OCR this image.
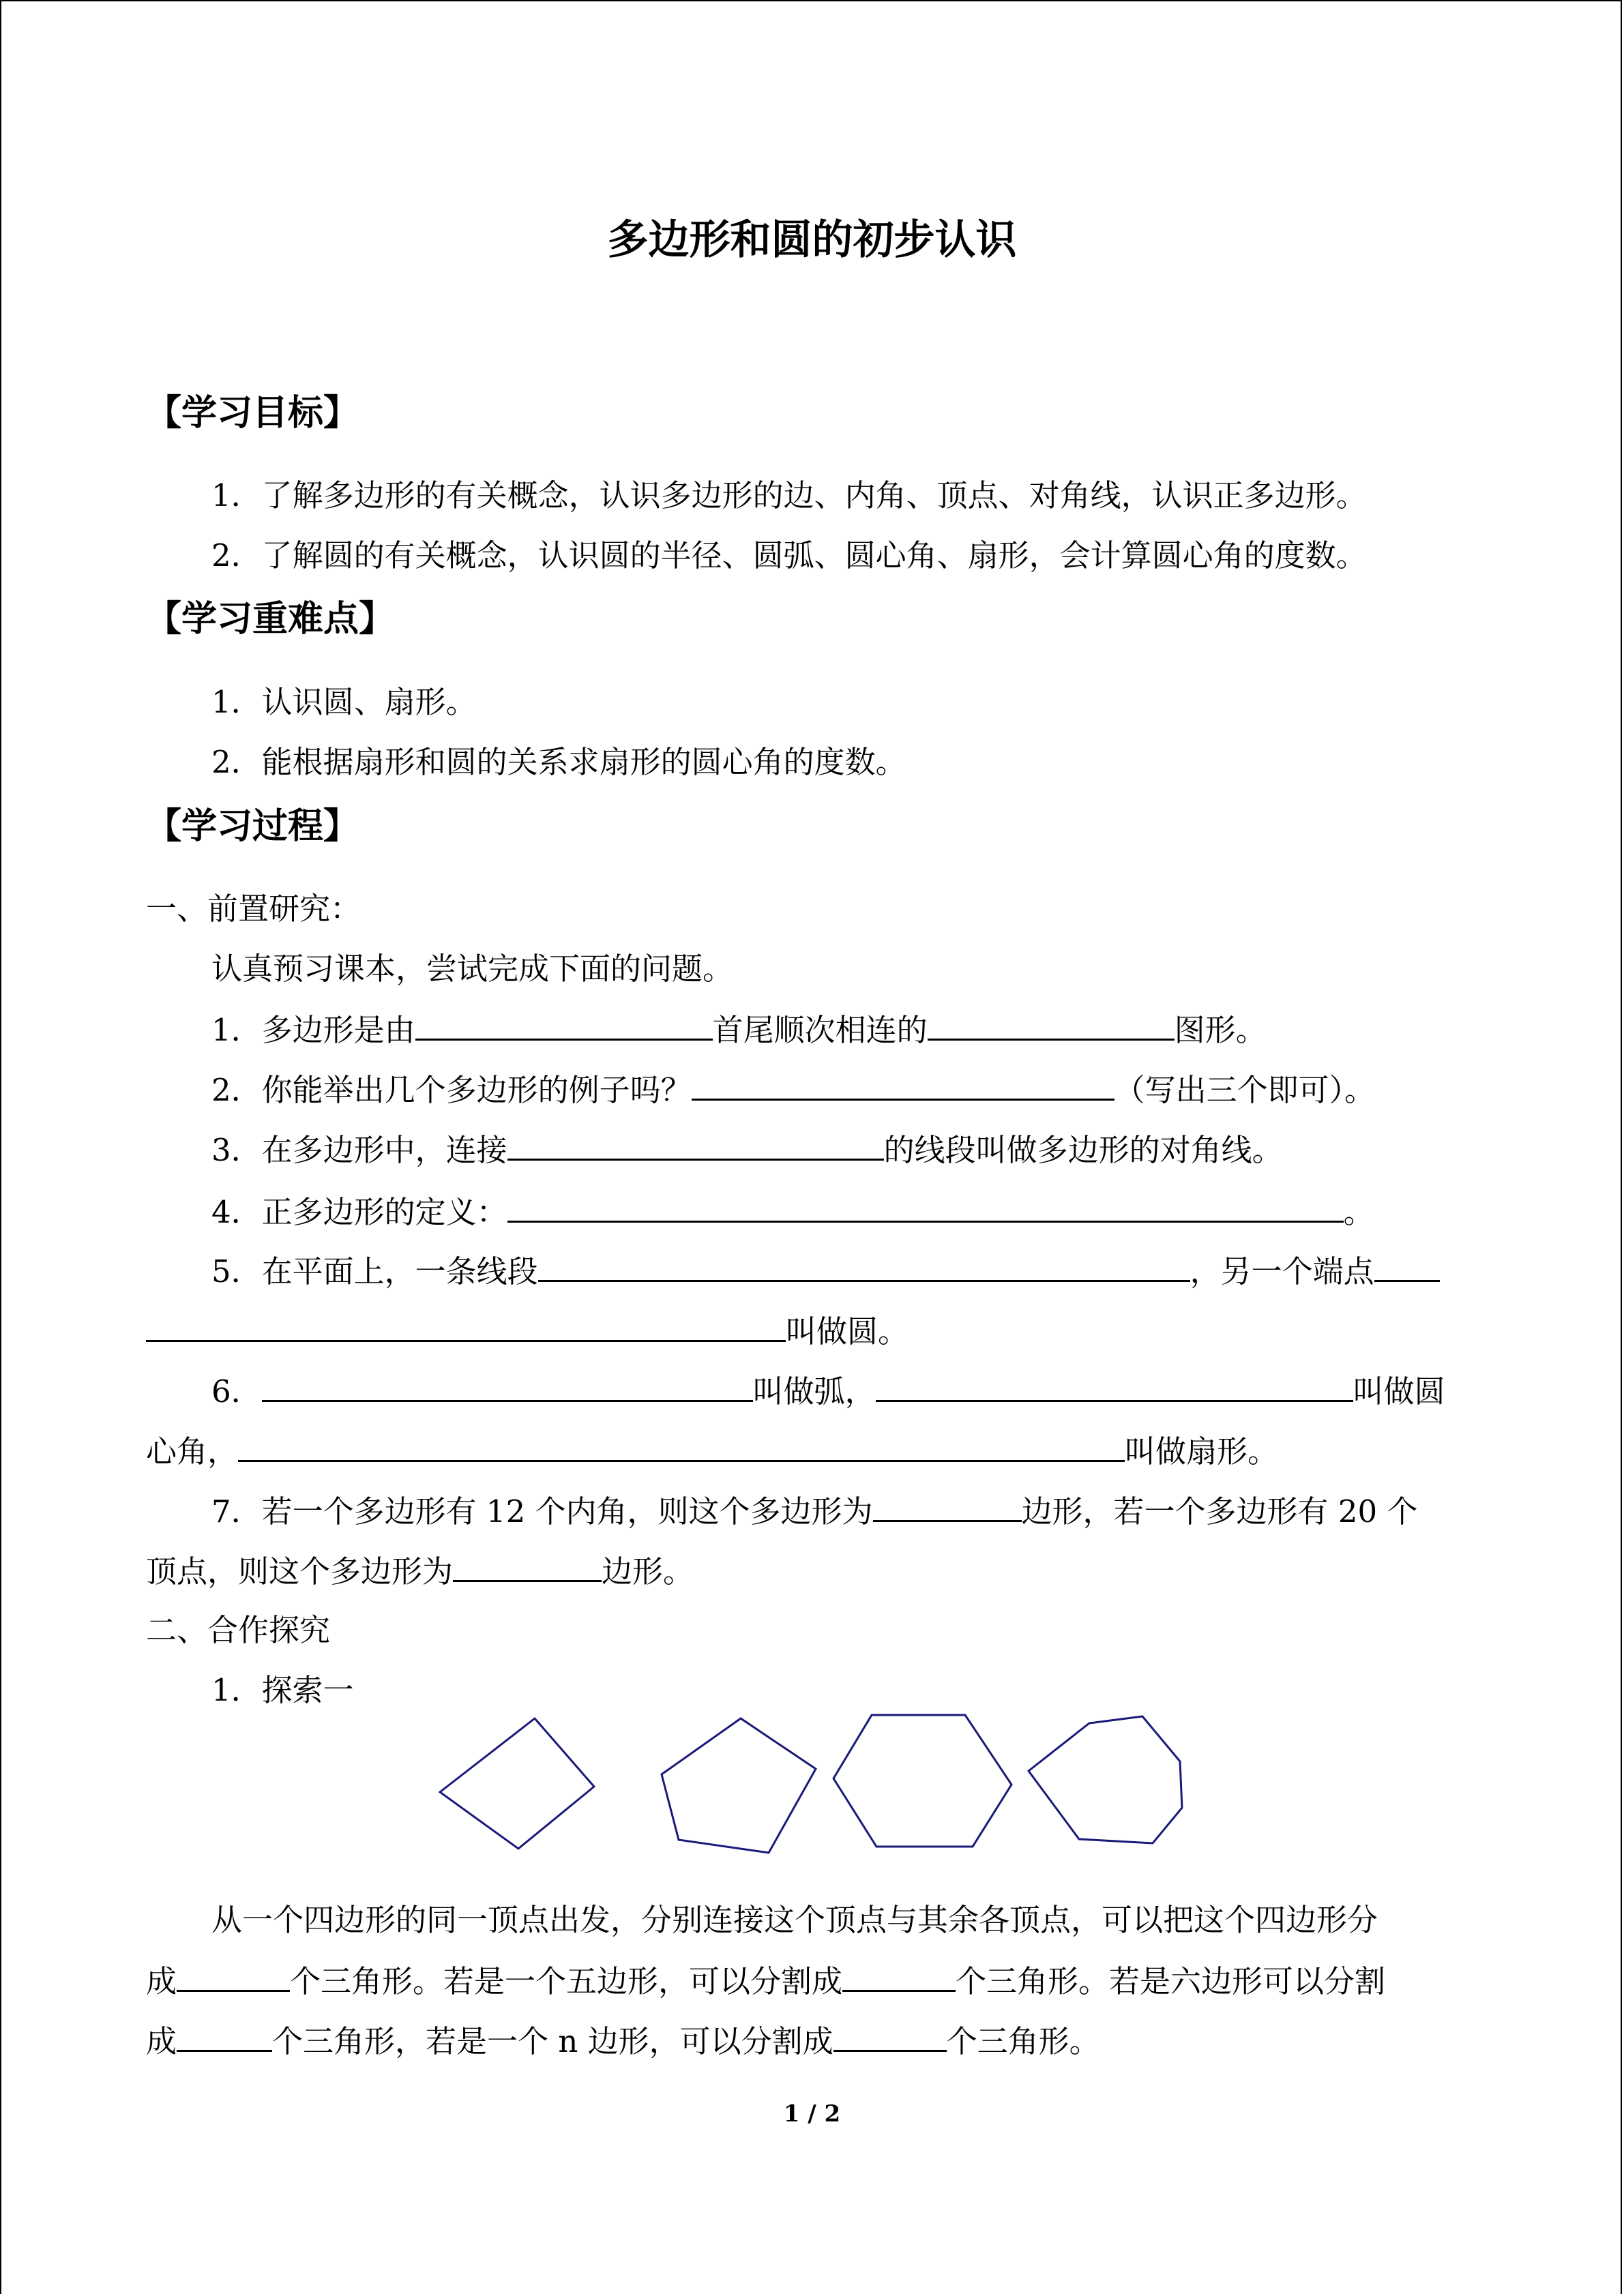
多边形和圆的初步认识
【学习目标】
1．了解多边形的有关概念，认识多边形的边、内角、顶点、对角线，认识正多边形。
2．了解圆的有关概念，认识圆的半径、圆弧、圆心角、扇形，会计算圆心角的度数。
【学习重难点】
1．认识圆、扇形。
2．能根据扇形和圆的关系求扇形的圆心角的度数。
【学习过程】
一、前置研究：
认真预习课本，尝试完成下面的问题。
1．多边形是由	首尾顺次相连的	图形。
2．你能举出几个多边形的例子吗？	（写出三个即可）。
3．在多边形中，连接	的线段叫做多边形的对角线。
4．正多边形的定义：	。
5．在平面上，一条线段	，另一个端点
叫做圆。
6．	叫做弧，	叫做圆
心角，	叫做扇形。
7．若一个多边形有 12 个内角，则这个多边形为	边形，若一个多边形有 20 个
顶点，则这个多边形为	边形。
二、合作探究
1．探索一
从一个四边形的同一顶点出发，分别连接这个顶点与其余各顶点，可以把这个四边形分
成	个三角形。若是一个五边形，可以分割成	个三角形。若是六边形可以分割
成	个三角形，若是一个 n 边形，可以分割成	个三角形。
1 / 2
